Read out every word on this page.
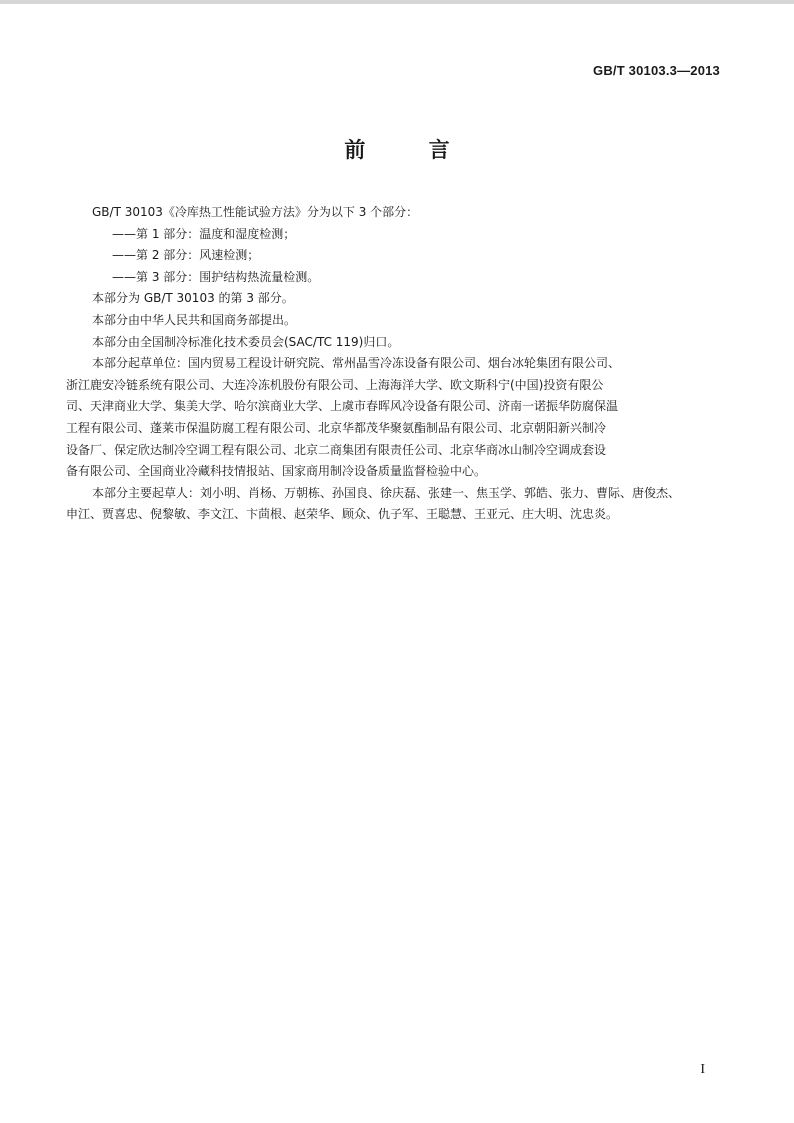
GB/T 30103.3—2013
前 言
GB/T 30103《冷库热工性能试验方法》分为以下 3 个部分：
——第 1 部分：温度和湿度检测；
——第 2 部分：风速检测；
——第 3 部分：围护结构热流量检测。
本部分为 GB/T 30103 的第 3 部分。
本部分由中华人民共和国商务部提出。
本部分由全国制冷标准化技术委员会(SAC/TC 119)归口。
本部分起草单位：国内贸易工程设计研究院、常州晶雪冷冻设备有限公司、烟台冰轮集团有限公司、
浙江鹿安冷链系统有限公司、大连冷冻机股份有限公司、上海海洋大学、欧文斯科宁(中国)投资有限公
司、天津商业大学、集美大学、哈尔滨商业大学、上虞市春晖风冷设备有限公司、济南一诺振华防腐保温
工程有限公司、蓬莱市保温防腐工程有限公司、北京华都茂华聚氨酯制品有限公司、北京朝阳新兴制冷
设备厂、保定欣达制冷空调工程有限公司、北京二商集团有限责任公司、北京华商冰山制冷空调成套设
备有限公司、全国商业冷藏科技情报站、国家商用制冷设备质量监督检验中心。
本部分主要起草人：刘小明、肖杨、万朝栋、孙国良、徐庆磊、张建一、焦玉学、郭皓、张力、曹际、唐俊杰、
申江、贾喜忠、倪黎敏、李文江、卞茴根、赵荣华、顾众、仇子军、王聪慧、王亚元、庄大明、沈忠炎。
I
